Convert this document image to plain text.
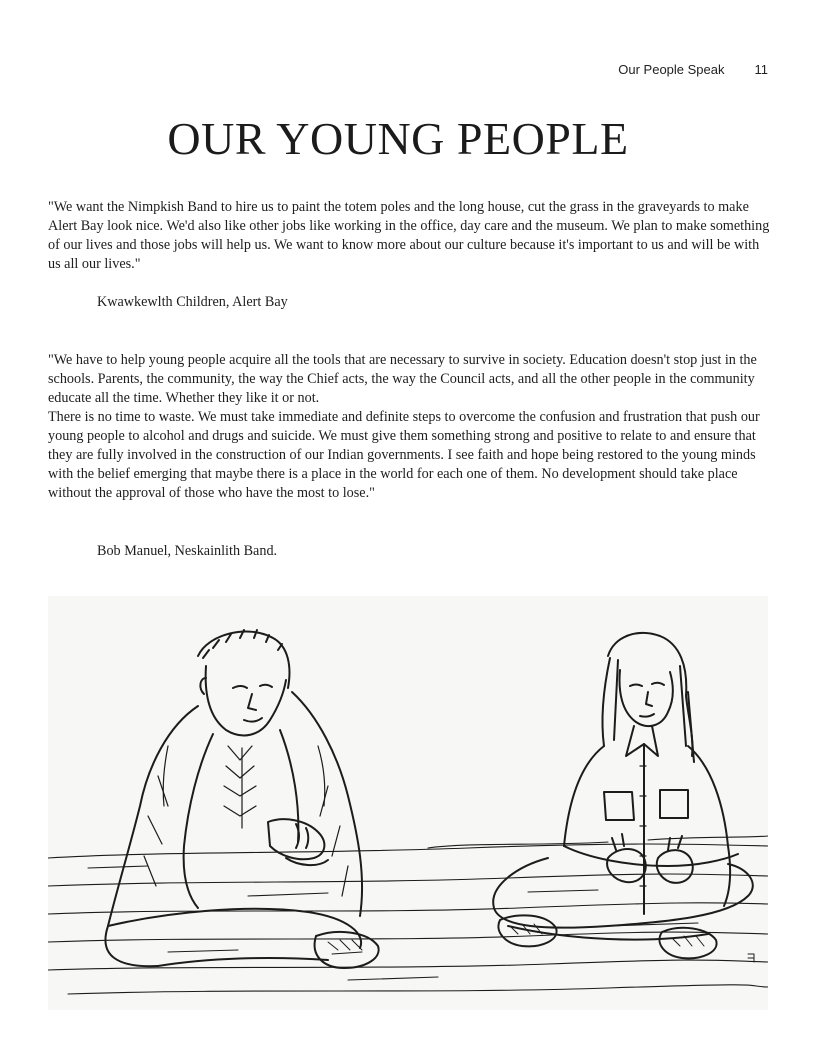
Our People Speak 11
OUR YOUNG PEOPLE

"We want the Nimpkish Band to hire us to paint the totem poles and the long house, cut the grass in the graveyards to make Alert Bay look nice. We'd also like other jobs like working in the office, day care and the museum. We plan to make something of our lives and those jobs will help us. We want to know more about our culture because it's important to us and will be with us all our lives."

Kwawkewlth Children, Alert Bay

"We have to help young people acquire all the tools that are necessary to survive in society. Education doesn't stop just in the schools. Parents, the community, the way the Chief acts, the way the Council acts, and all the other people in the community educate all the time. Whether they like it or not.

There is no time to waste. We must take immediate and definite steps to overcome the confusion and frustration that push our young people to alcohol and drugs and suicide. We must give them something strong and positive to relate to and ensure that they are fully involved in the construction of our Indian governments. I see faith and hope being restored to the young minds with the belief emerging that maybe there is a place in the world for each one of them. No development should take place without the approval of those who have the most to lose."

Bob Manuel, Neskainlith Band.
